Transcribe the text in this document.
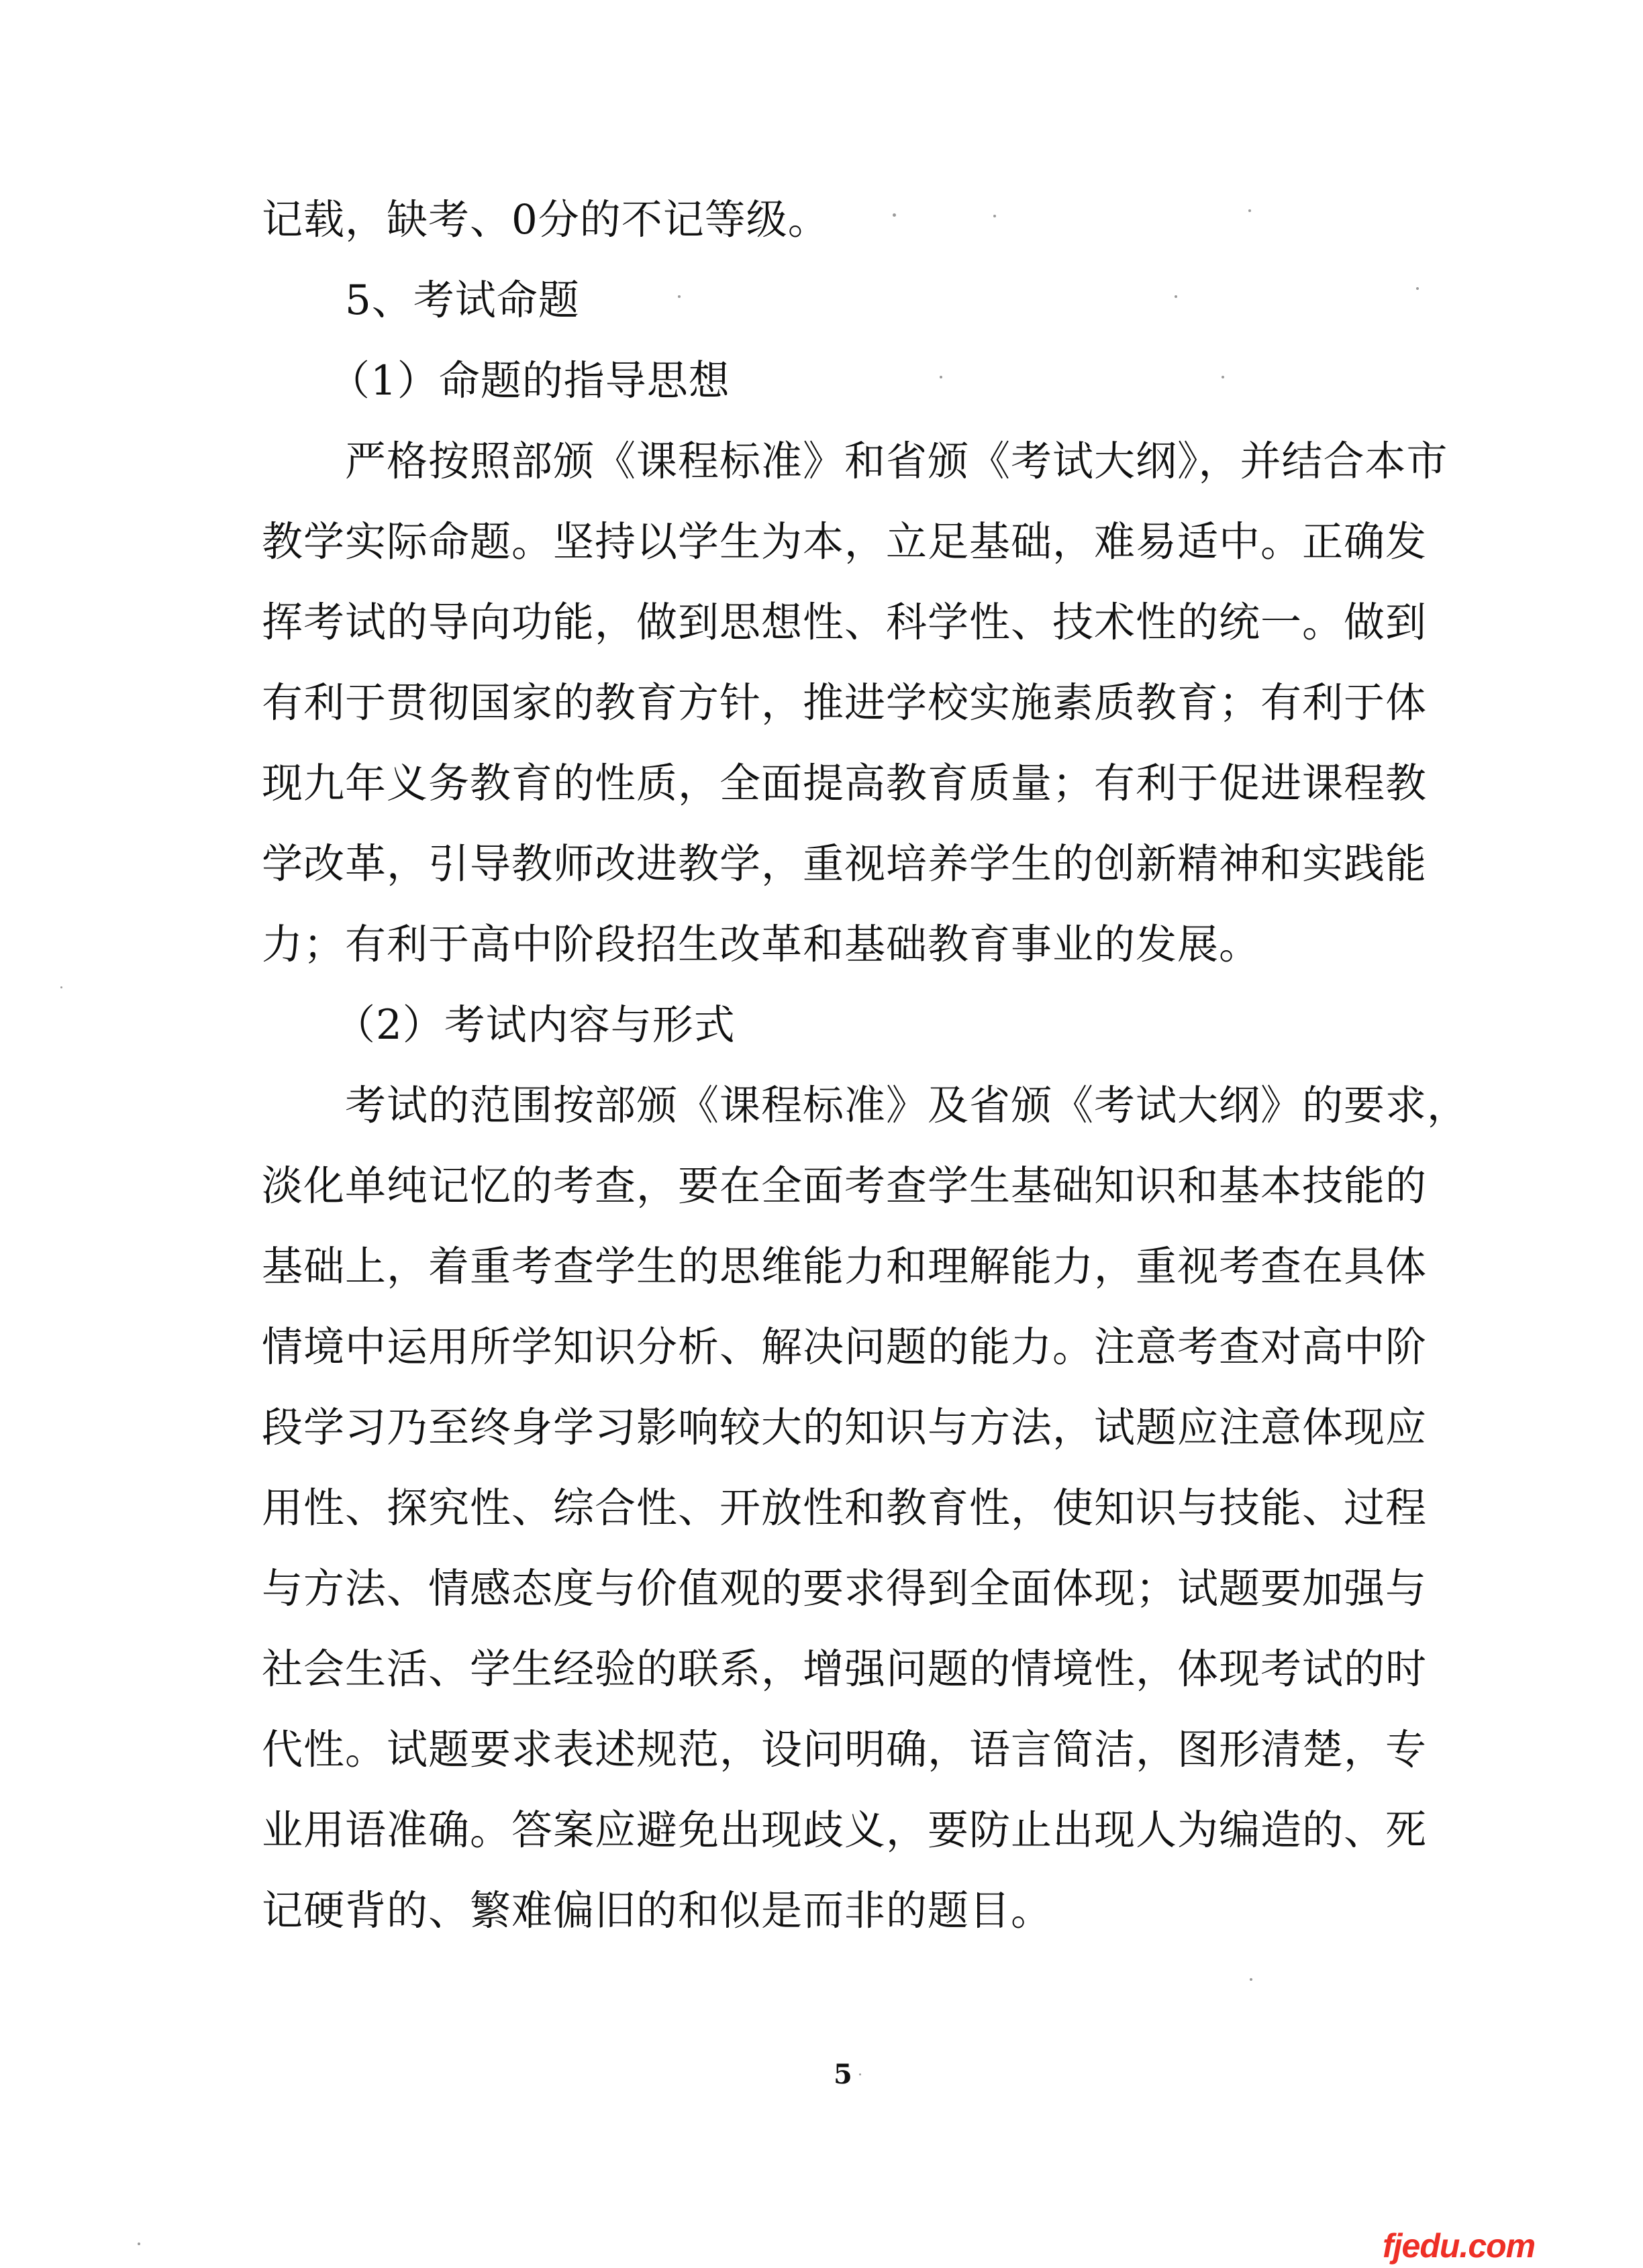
记载，缺考、0分的不记等级。
5、考试命题
（1）命题的指导思想
严格按照部颁《课程标准》和省颁《考试大纲》，并结合本市
教学实际命题。坚持以学生为本，立足基础，难易适中。正确发
挥考试的导向功能，做到思想性、科学性、技术性的统一。做到
有利于贯彻国家的教育方针，推进学校实施素质教育；有利于体
现九年义务教育的性质，全面提高教育质量；有利于促进课程教
学改革，引导教师改进教学，重视培养学生的创新精神和实践能
力；有利于高中阶段招生改革和基础教育事业的发展。
（2）考试内容与形式
考试的范围按部颁《课程标准》及省颁《考试大纲》的要求，
淡化单纯记忆的考查，要在全面考查学生基础知识和基本技能的
基础上，着重考查学生的思维能力和理解能力，重视考查在具体
情境中运用所学知识分析、解决问题的能力。注意考查对高中阶
段学习乃至终身学习影响较大的知识与方法，试题应注意体现应
用性、探究性、综合性、开放性和教育性，使知识与技能、过程
与方法、情感态度与价值观的要求得到全面体现；试题要加强与
社会生活、学生经验的联系，增强问题的情境性，体现考试的时
代性。试题要求表述规范，设问明确，语言简洁，图形清楚，专
业用语准确。答案应避免出现歧义，要防止出现人为编造的、死
记硬背的、繁难偏旧的和似是而非的题目。
5
fjedu.com
